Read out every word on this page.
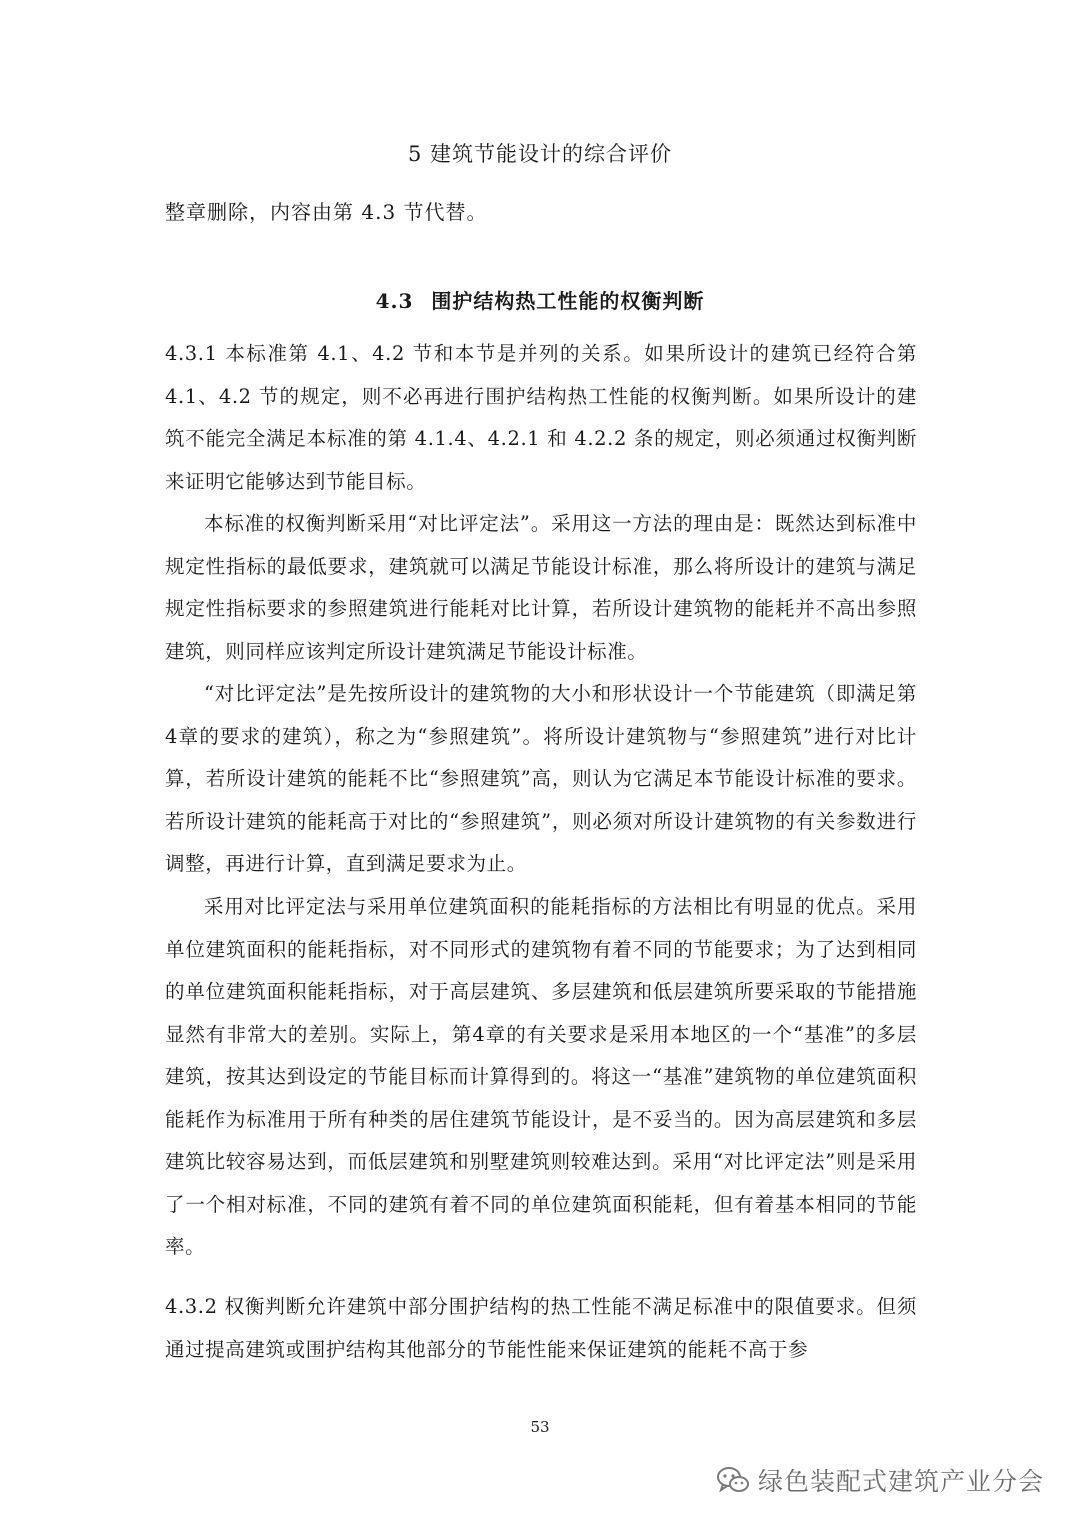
5 建筑节能设计的综合评价
整章删除，内容由第 4.3 节代替。
4.3 围护结构热工性能的权衡判断

4.3.1 本标准第 4.1、4.2 节和本节是并列的关系。如果所设计的建筑已经符合第 4.1、4.2 节的规定，则不必再进行围护结构热工性能的权衡判断。如果所设计的建筑不能完全满足本标准的第 4.1.4、4.2.1 和 4.2.2 条的规定，则必须通过权衡判断来证明它能够达到节能目标。

本标准的权衡判断采用“对比评定法”。采用这一方法的理由是：既然达到标准中规定性指标的最低要求，建筑就可以满足节能设计标准，那么将所设计的建筑与满足规定性指标要求的参照建筑进行能耗对比计算，若所设计建筑物的能耗并不高出参照建筑，则同样应该判定所设计建筑满足节能设计标准。

“对比评定法”是先按所设计的建筑物的大小和形状设计一个节能建筑（即满足第4章的要求的建筑），称之为“参照建筑”。将所设计建筑物与“参照建筑”进行对比计算，若所设计建筑的能耗不比“参照建筑”高，则认为它满足本节能设计标准的要求。若所设计建筑的能耗高于对比的“参照建筑”，则必须对所设计建筑物的有关参数进行调整，再进行计算，直到满足要求为止。

采用对比评定法与采用单位建筑面积的能耗指标的方法相比有明显的优点。采用单位建筑面积的能耗指标，对不同形式的建筑物有着不同的节能要求；为了达到相同的单位建筑面积能耗指标，对于高层建筑、多层建筑和低层建筑所要采取的节能措施显然有非常大的差别。实际上，第4章的有关要求是采用本地区的一个“基准”的多层建筑，按其达到设定的节能目标而计算得到的。将这一“基准”建筑物的单位建筑面积能耗作为标准用于所有种类的居住建筑节能设计，是不妥当的。因为高层建筑和多层建筑比较容易达到，而低层建筑和别墅建筑则较难达到。采用“对比评定法”则是采用了一个相对标准，不同的建筑有着不同的单位建筑面积能耗，但有着基本相同的节能率。

4.3.2 权衡判断允许建筑中部分围护结构的热工性能不满足标准中的限值要求。但须通过提高建筑或围护结构其他部分的节能性能来保证建筑的能耗不高于参

53
绿色装配式建筑产业分会
